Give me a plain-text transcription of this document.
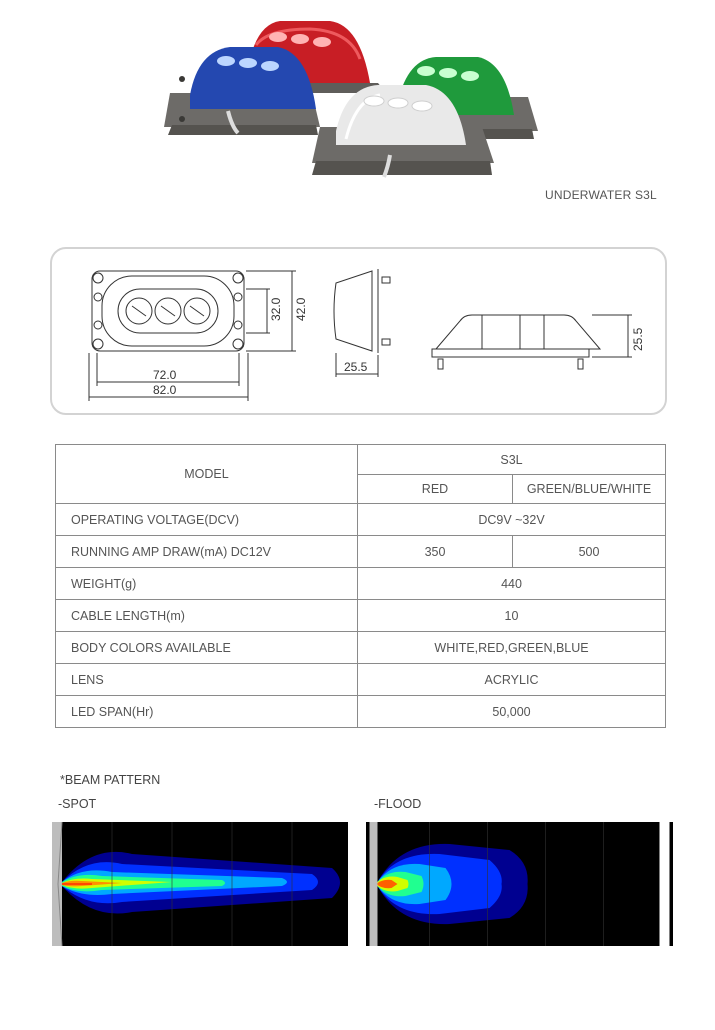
UNDERWATER S3L
72.0
82.0
32.0 42.0
25.5
25.5
MODEL	S3L	
	RED	GREEN/BLUE/WHITE
OPERATING VOLTAGE(DCV)	DC9V ~32V	
RUNNING AMP DRAW(mA) DC12V	350	500
WEIGHT(g)	440	
CABLE LENGTH(m)	10	
BODY COLORS AVAILABLE	WHITE,RED,GREEN,BLUE	
LENS	ACRYLIC	
LED SPAN(Hr)	50,000	
*BEAM PATTERN
-SPOT	-FLOOD
